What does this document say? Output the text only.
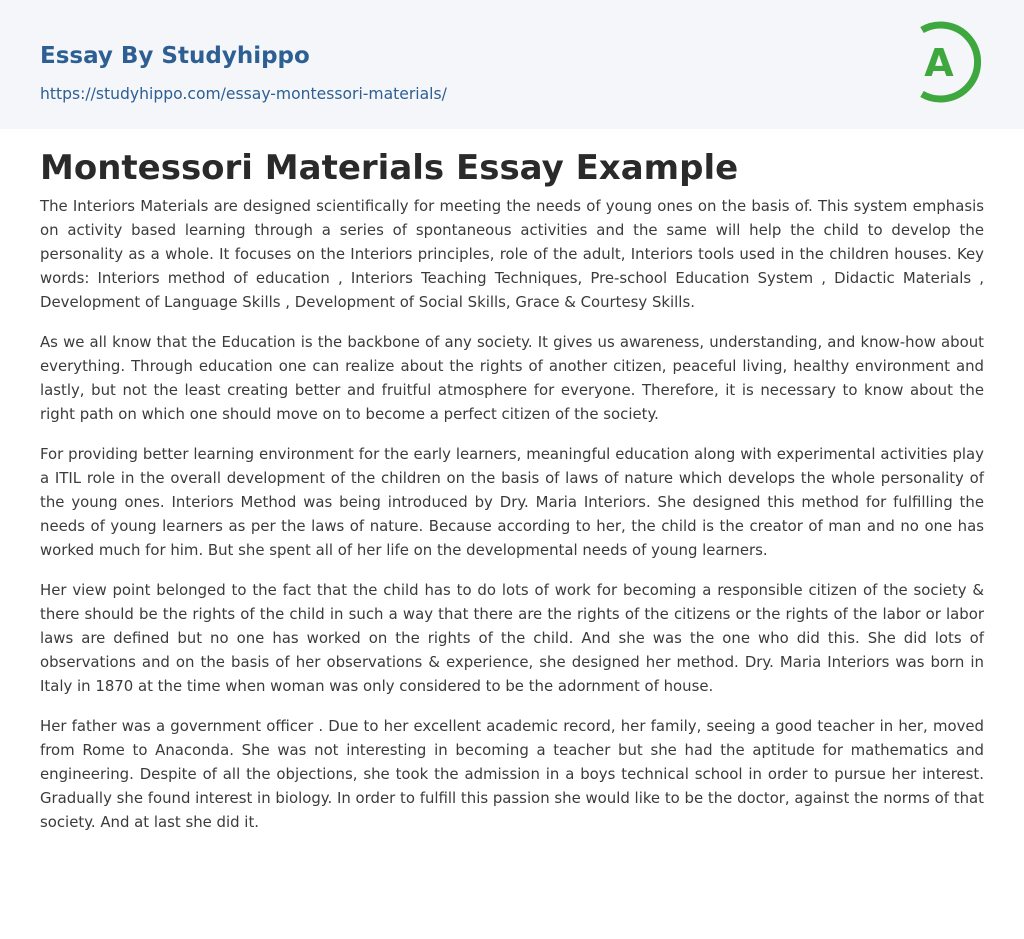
Essay By Studyhippo
https://studyhippo.com/essay-montessori-materials/
A
Montessori Materials Essay Example

The Interiors Materials are designed scientifically for meeting the needs of young ones on the basis of. This system emphasis on activity based learning through a series of spontaneous activities and the same will help the child to develop the personality as a whole. It focuses on the Interiors principles, role of the adult, Interiors tools used in the children houses. Key words: Interiors method of education , Interiors Teaching Techniques, Pre-school Education System , Didactic Materials , Development of Language Skills , Development of Social Skills, Grace & Courtesy Skills.

As we all know that the Education is the backbone of any society. It gives us awareness, understanding, and know-how about everything. Through education one can realize about the rights of another citizen, peaceful living, healthy environment and lastly, but not the least creating better and fruitful atmosphere for everyone. Therefore, it is necessary to know about the right path on which one should move on to become a perfect citizen of the society.

For providing better learning environment for the early learners, meaningful education along with experimental activities play a ITIL role in the overall development of the children on the basis of laws of nature which develops the whole personality of the young ones. Interiors Method was being introduced by Dry. Maria Interiors. She designed this method for fulfilling the needs of young learners as per the laws of nature. Because according to her, the child is the creator of man and no one has worked much for him. But she spent all of her life on the developmental needs of young learners.

Her view point belonged to the fact that the child has to do lots of work for becoming a responsible citizen of the society & there should be the rights of the child in such a way that there are the rights of the citizens or the rights of the labor or labor laws are defined but no one has worked on the rights of the child. And she was the one who did this. She did lots of observations and on the basis of her observations & experience, she designed her method. Dry. Maria Interiors was born in Italy in 1870 at the time when woman was only considered to be the adornment of house.

Her father was a government officer . Due to her excellent academic record, her family, seeing a good teacher in her, moved from Rome to Anaconda. She was not interesting in becoming a teacher but she had the aptitude for mathematics and engineering. Despite of all the objections, she took the admission in a boys technical school in order to pursue her interest. Gradually she found interest in biology. In order to fulfill this passion she would like to be the doctor, against the norms of that society. And at last she did it.
